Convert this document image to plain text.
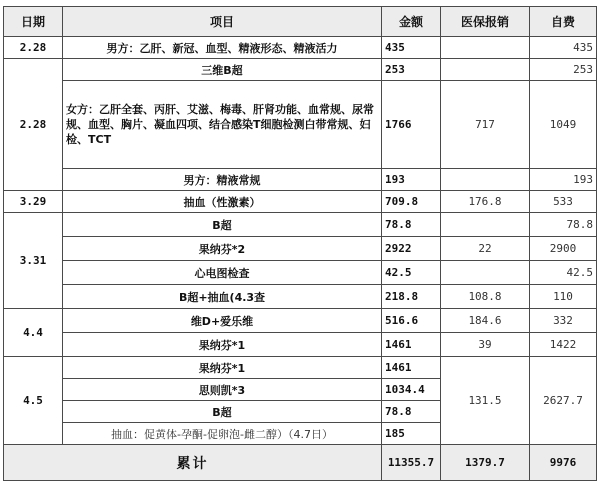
日期	项目	金额	医保报销	自费
2.28	男方：乙肝、新冠、血型、精液形态、精液活力	435		435
2.28	三维B超	253		253
	女方：乙肝全套、丙肝、艾滋、梅毒、肝肾功能、血常规、尿常规、血型、胸片、凝血四项、结合感染T细胞检测白带常规、妇检、TCT	1766	717	1049
	男方：精液常规	193		193
3.29	抽血（性激素）	709.8	176.8	533
3.31	B超	78.8		78.8
	果纳芬*2	2922	22	2900
	心电图检查	42.5		42.5
	B超+抽血(4.3查	218.8	108.8	110
4.4	维D+爱乐维	516.6	184.6	332
	果纳芬*1	1461	39	1422
4.5	果纳芬*1	1461	131.5	2627.7
	思则凯*3	1034.4		
	B超	78.8		
	抽血：促黄体-孕酮-促卵泡-雌二醇）（4.7日）	185		
累计		11355.7	1379.7	9976
